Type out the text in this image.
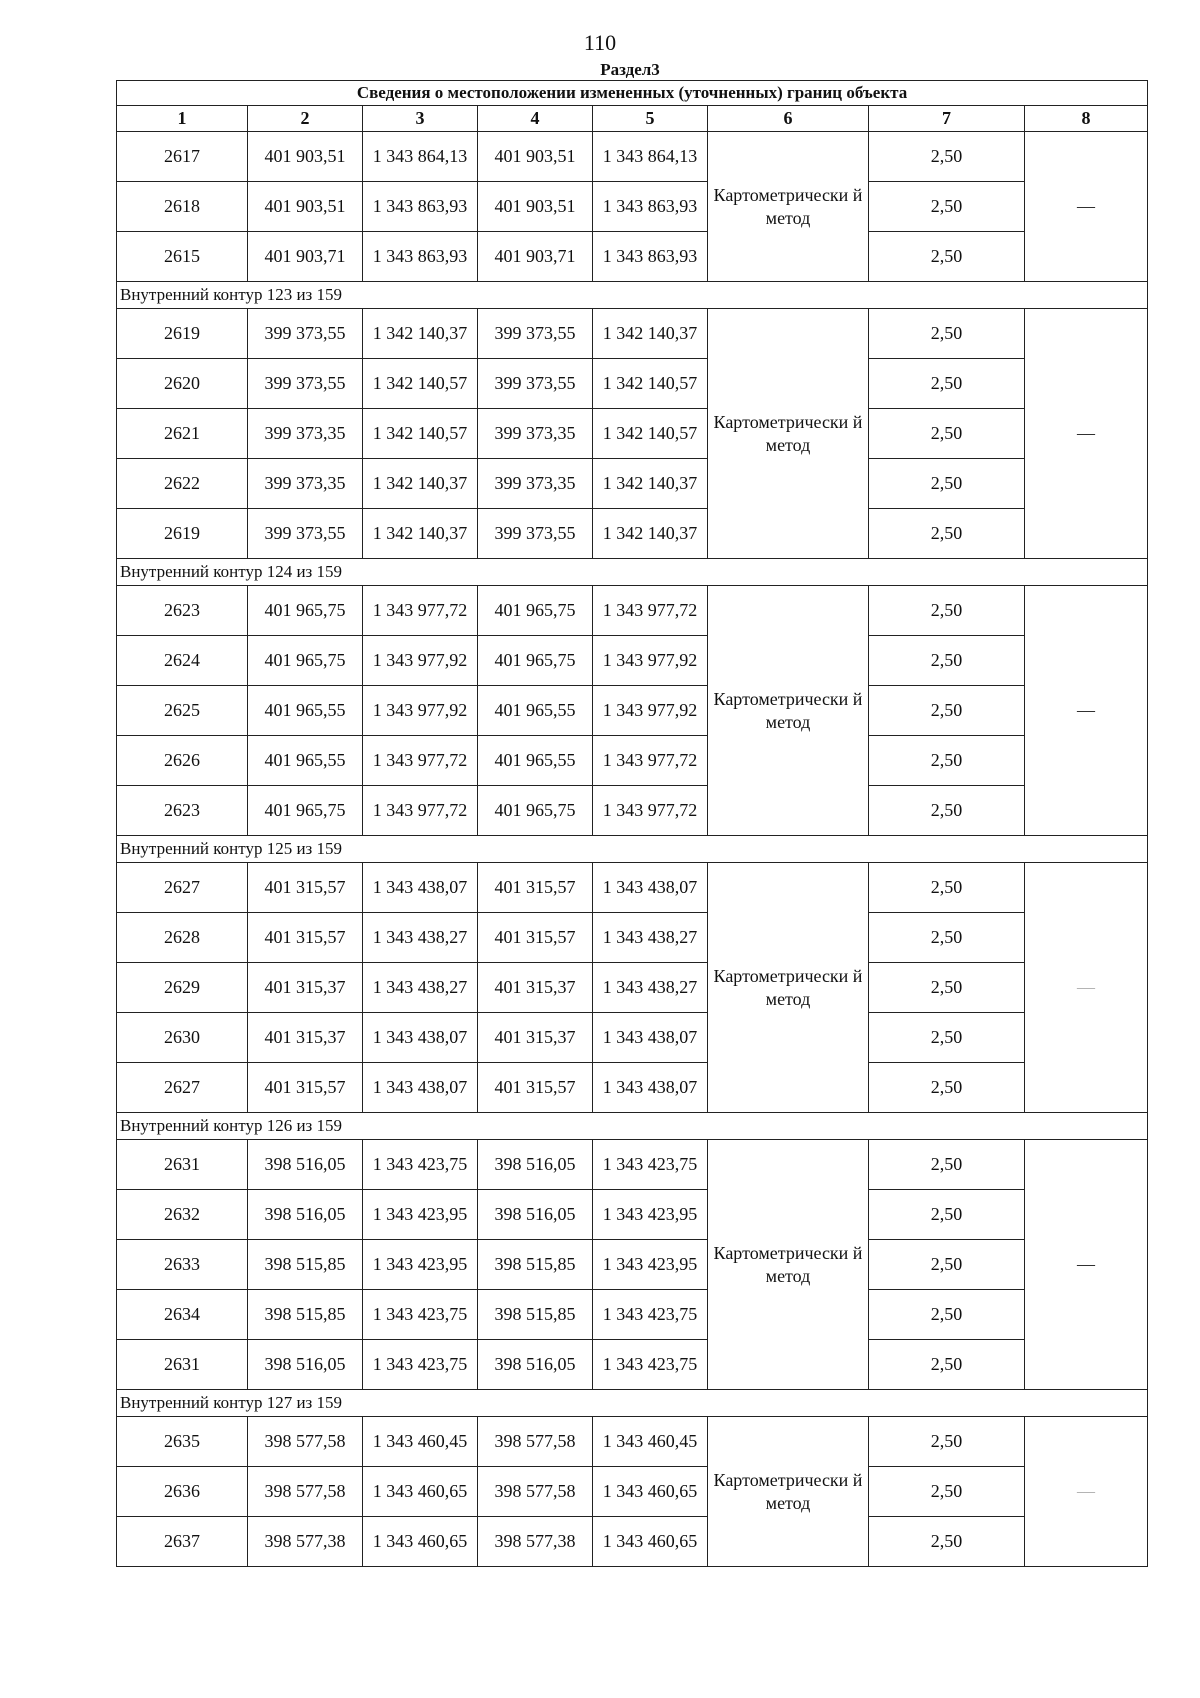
110
Раздел3
Сведения о местоположении измененных (уточненных) границ объекта							
1	2	3	4	5	6	7	8
2617	401 903,51	1 343 864,13	401 903,51	1 343 864,13	Картометрически й метод	2,50	—
2618	401 903,51	1 343 863,93	401 903,51	1 343 863,93		2,50	
2615	401 903,71	1 343 863,93	401 903,71	1 343 863,93		2,50	
Внутренний контур 123 из 159							
2619	399 373,55	1 342 140,37	399 373,55	1 342 140,37	Картометрически й метод	2,50	—
2620	399 373,55	1 342 140,57	399 373,55	1 342 140,57		2,50	
2621	399 373,35	1 342 140,57	399 373,35	1 342 140,57		2,50	
2622	399 373,35	1 342 140,37	399 373,35	1 342 140,37		2,50	
2619	399 373,55	1 342 140,37	399 373,55	1 342 140,37		2,50	
Внутренний контур 124 из 159							
2623	401 965,75	1 343 977,72	401 965,75	1 343 977,72	Картометрически й метод	2,50	—
2624	401 965,75	1 343 977,92	401 965,75	1 343 977,92		2,50	
2625	401 965,55	1 343 977,92	401 965,55	1 343 977,92		2,50	
2626	401 965,55	1 343 977,72	401 965,55	1 343 977,72		2,50	
2623	401 965,75	1 343 977,72	401 965,75	1 343 977,72		2,50	
Внутренний контур 125 из 159							
2627	401 315,57	1 343 438,07	401 315,57	1 343 438,07	Картометрически й метод	2,50	—
2628	401 315,57	1 343 438,27	401 315,57	1 343 438,27		2,50	
2629	401 315,37	1 343 438,27	401 315,37	1 343 438,27		2,50	
2630	401 315,37	1 343 438,07	401 315,37	1 343 438,07		2,50	
2627	401 315,57	1 343 438,07	401 315,57	1 343 438,07		2,50	
Внутренний контур 126 из 159							
2631	398 516,05	1 343 423,75	398 516,05	1 343 423,75	Картометрически й метод	2,50	—
2632	398 516,05	1 343 423,95	398 516,05	1 343 423,95		2,50	
2633	398 515,85	1 343 423,95	398 515,85	1 343 423,95		2,50	
2634	398 515,85	1 343 423,75	398 515,85	1 343 423,75		2,50	
2631	398 516,05	1 343 423,75	398 516,05	1 343 423,75		2,50	
Внутренний контур 127 из 159							
2635	398 577,58	1 343 460,45	398 577,58	1 343 460,45	Картометрически й метод	2,50	—
2636	398 577,58	1 343 460,65	398 577,58	1 343 460,65		2,50	
2637	398 577,38	1 343 460,65	398 577,38	1 343 460,65		2,50	
